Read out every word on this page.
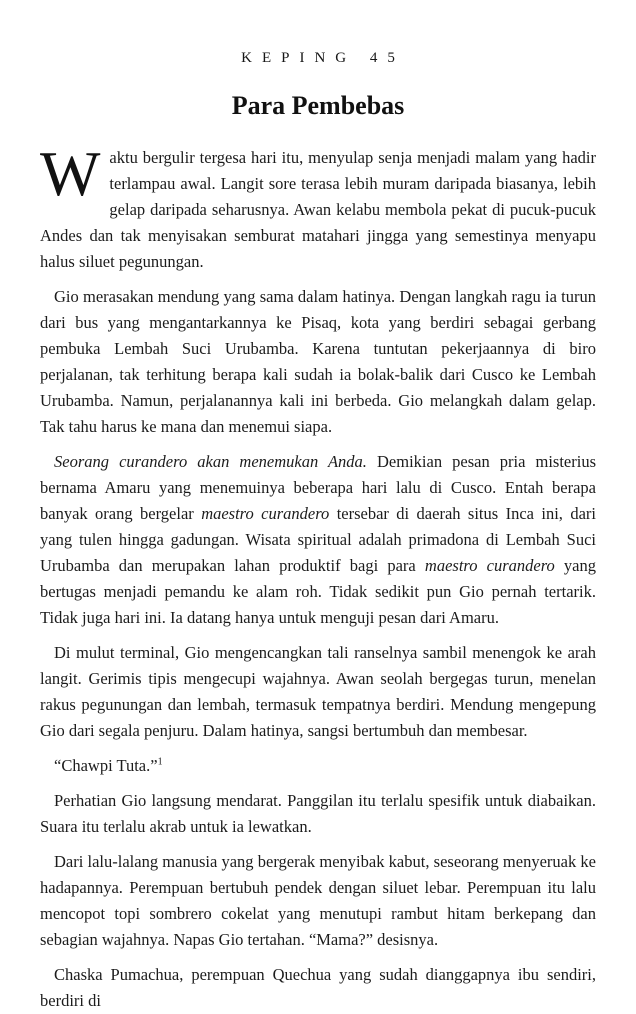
KEPING 45
Para Pembebas

Waktu bergulir tergesa hari itu, menyulap senja menjadi malam yang hadir terlampau awal. Langit sore terasa lebih muram daripada biasanya, lebih gelap daripada seharusnya. Awan kelabu membola pekat di pucuk-pucuk Andes dan tak menyisakan semburat matahari jingga yang semestinya menyapu halus siluet pegunungan.

Gio merasakan mendung yang sama dalam hatinya. Dengan langkah ragu ia turun dari bus yang mengantarkannya ke Pisaq, kota yang berdiri sebagai gerbang pembuka Lembah Suci Urubamba. Karena tuntutan pekerjaannya di biro perjalanan, tak terhitung berapa kali sudah ia bolak-balik dari Cusco ke Lembah Urubamba. Namun, perjalanannya kali ini berbeda. Gio melangkah dalam gelap. Tak tahu harus ke mana dan menemui siapa.

Seorang curandero akan menemukan Anda. Demikian pesan pria misterius bernama Amaru yang menemuinya beberapa hari lalu di Cusco. Entah berapa banyak orang bergelar maestro curandero tersebar di daerah situs Inca ini, dari yang tulen hingga gadungan. Wisata spiritual adalah primadona di Lembah Suci Urubamba dan merupakan lahan produktif bagi para maestro curandero yang bertugas menjadi pemandu ke alam roh. Tidak sedikit pun Gio pernah tertarik. Tidak juga hari ini. Ia datang hanya untuk menguji pesan dari Amaru.

Di mulut terminal, Gio mengencangkan tali ranselnya sambil menengok ke arah langit. Gerimis tipis mengecupi wajahnya. Awan seolah bergegas turun, menelan rakus pegunungan dan lembah, termasuk tempatnya berdiri. Mendung mengepung Gio dari segala penjuru. Dalam hatinya, sangsi bertumbuh dan membesar.

“Chawpi Tuta.”$^1$

Perhatian Gio langsung mendarat. Panggilan itu terlalu spesifik untuk diabaikan. Suara itu terlalu akrab untuk ia lewatkan.

Dari lalu-lalang manusia yang bergerak menyibak kabut, seseorang menyeruak ke hadapannya. Perempuan bertubuh pendek dengan siluet lebar. Perempuan itu lalu mencopot topi sombrero cokelat yang menutupi rambut hitam berkepang dan sebagian wajahnya. Napas Gio tertahan. “Mama?” desisnya.

Chaska Pumachua, perempuan Quechua yang sudah dianggapnya ibu sendiri, berdiri di
